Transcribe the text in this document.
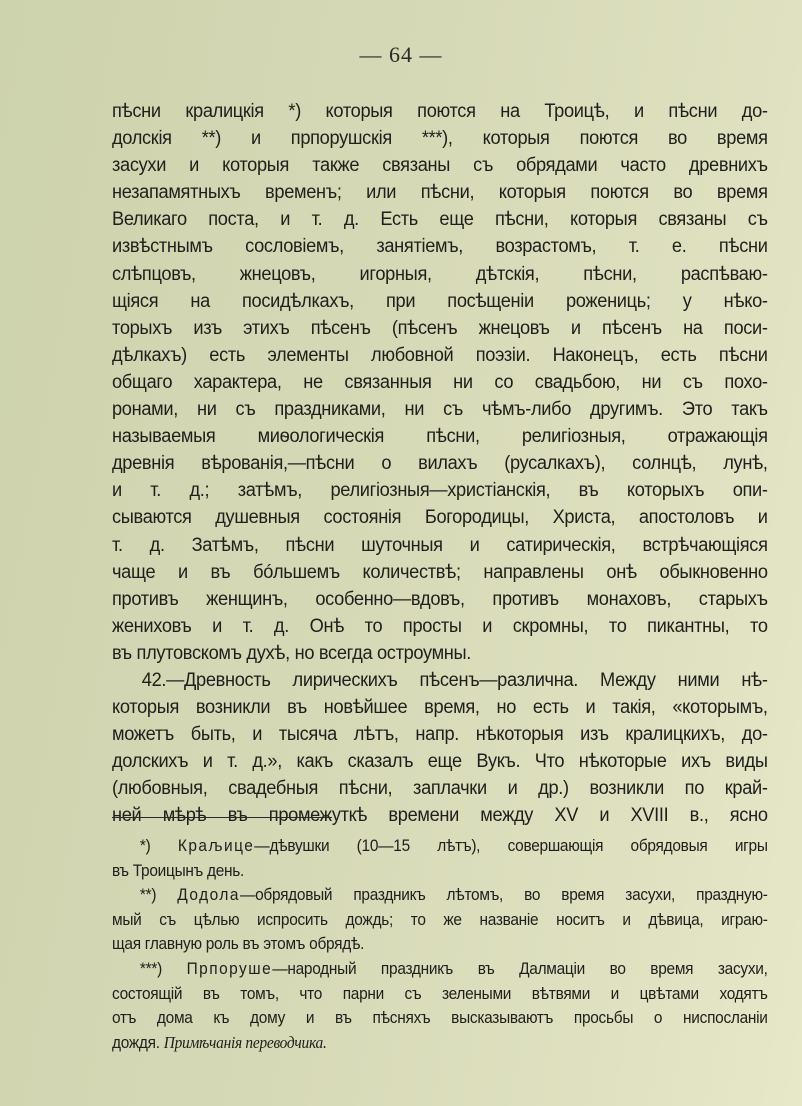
— 64 —
пѣсни кралицкія *) которыя поются на Троицѣ, и пѣсни до-
долскія **) и прпорушскія ***), которыя поются во время
засухи и которыя также связаны съ обрядами часто древнихъ
незапамятныхъ временъ; или пѣсни, которыя поются во время
Великаго поста, и т. д. Есть еще пѣсни, которыя связаны съ
извѣстнымъ сословіемъ, занятіемъ, возрастомъ, т. е. пѣсни
слѣпцовъ, жнецовъ, игорныя, дѣтскія, пѣсни, распѣваю-
щіяся на посидѣлкахъ, при посѣщеніи рожениць; у нѣко-
торыхъ изъ этихъ пѣсенъ (пѣсенъ жнецовъ и пѣсенъ на поси-
дѣлкахъ) есть элементы любовной поэзіи. Наконецъ, есть пѣсни
общаго характера, не связанныя ни со свадьбою, ни съ похо-
ронами, ни съ праздниками, ни съ чѣмъ-либо другимъ. Это такъ
называемыя миѳологическія пѣсни, религіозныя, отражающія
древнія вѣрованія,—пѣсни о вилахъ (русалкахъ), солнцѣ, лунѣ,
и т. д.; затѣмъ, религіозныя—христіанскія, въ которыхъ опи-
сываются душевныя состоянія Богородицы, Христа, апостоловъ и
т. д. Затѣмъ, пѣсни шуточныя и сатирическія, встрѣчающіяся
чаще и въ бóльшемъ количествѣ; направлены онѣ обыкновенно
противъ женщинъ, особенно—вдовъ, противъ монаховъ, старыхъ
жениховъ и т. д. Онѣ то просты и скромны, то пикантны, то
въ плутовскомъ духѣ, но всегда остроумны.
42.—Древность лирическихъ пѣсенъ—различна. Между ними нѣ-
которыя возникли въ новѣйшее время, но есть и такія, «которымъ,
можетъ быть, и тысяча лѣтъ, напр. нѣкоторыя изъ кралицкихъ, до-
долскихъ и т. д.», какъ сказалъ еще Вукъ. Что нѣкоторые ихъ виды
(любовныя, свадебныя пѣсни, заплачки и др.) возникли по край-
ней мѣрѣ въ промежуткѣ времени между XV и XVIII в., ясно
*) Краљице—дѣвушки (10—15 лѣтъ), совершающія обрядовыя игры
въ Троицынъ день.
**) Додола—обрядовый праздникъ лѣтомъ, во время засухи, праздную-
мый съ цѣлью испросить дождь; то же названіе носитъ и дѣвица, играю-
щая главную роль въ этомъ обрядѣ.
***) Прпоруше—народный праздникъ въ Далмаціи во время засухи,
состоящій въ томъ, что парни съ зелеными вѣтвями и цвѣтами ходятъ
отъ дома къ дому и въ пѣсняхъ высказываютъ просьбы о ниспосланіи
дождя. Примѣчанія переводчика.
